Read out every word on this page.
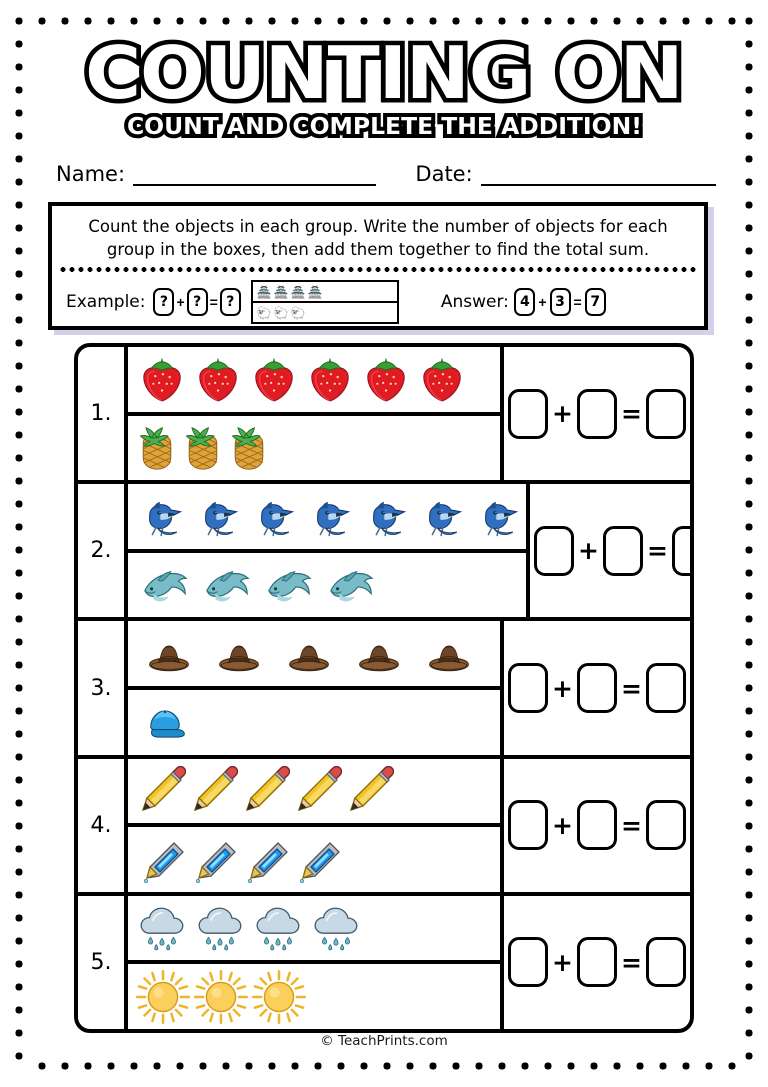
COUNTING ON COUNT AND COMPLETE THE ADDITION!
Name:	Date:
Count the objects in each group. Write the number of objects for each
group in the boxes, then add them together to find the total sum.
Example:	? + ? = ?
🏯 🏯 🏯 🏯
🐑 🐑 🐑
Answer:
4 + 3 = 7
1.	+ =
2.	+ =
3.	+ =
4.	+ =
5.	+ =
© TeachPrints.com
